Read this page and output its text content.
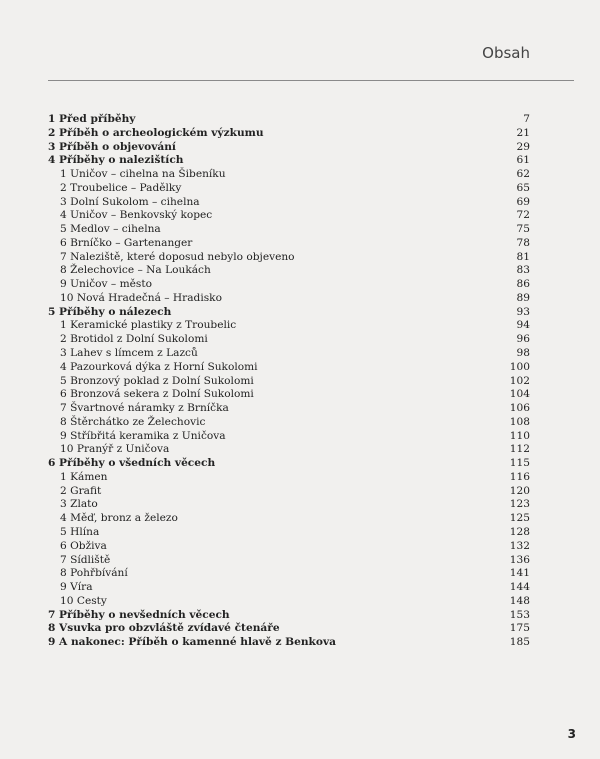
Obsah
1 Před příběhy	7
2 Příběh o archeologickém výzkumu	21
3 Příběh o objevování	29
4 Příběhy o nalezištích	61
1 Uničov – cihelna na Šibeníku	62
2 Troubelice – Padělky	65
3 Dolní Sukolom – cihelna	69
4 Uničov – Benkovský kopec	72
5 Medlov – cihelna	75
6 Brníčko – Gartenanger	78
7 Naleziště, které doposud nebylo objeveno	81
8 Želechovice – Na Loukách	83
9 Uničov – město	86
10 Nová Hradečná – Hradisko	89
5 Příběhy o nálezech	93
1 Keramické plastiky z Troubelic	94
2 Brotidol z Dolní Sukolomi	96
3 Lahev s límcem z Lazců	98
4 Pazourková dýka z Horní Sukolomi	100
5 Bronzový poklad z Dolní Sukolomi	102
6 Bronzová sekera z Dolní Sukolomi	104
7 Švartnové náramky z Brníčka	106
8 Štěrchátko ze Želechovic	108
9 Stříbřitá keramika z Uničova	110
10 Pranýř z Uničova	112
6 Příběhy o všedních věcech	115
1 Kámen	116
2 Grafit	120
3 Zlato	123
4 Měď, bronz a železo	125
5 Hlína	128
6 Obživa	132
7 Sídliště	136
8 Pohřbívání	141
9 Víra	144
10 Cesty	148
7 Příběhy o nevšedních věcech	153
8 Vsuvka pro obzvláště zvídavé čtenáře	175
9 A nakonec: Příběh o kamenné hlavě z Benkova	185
3
